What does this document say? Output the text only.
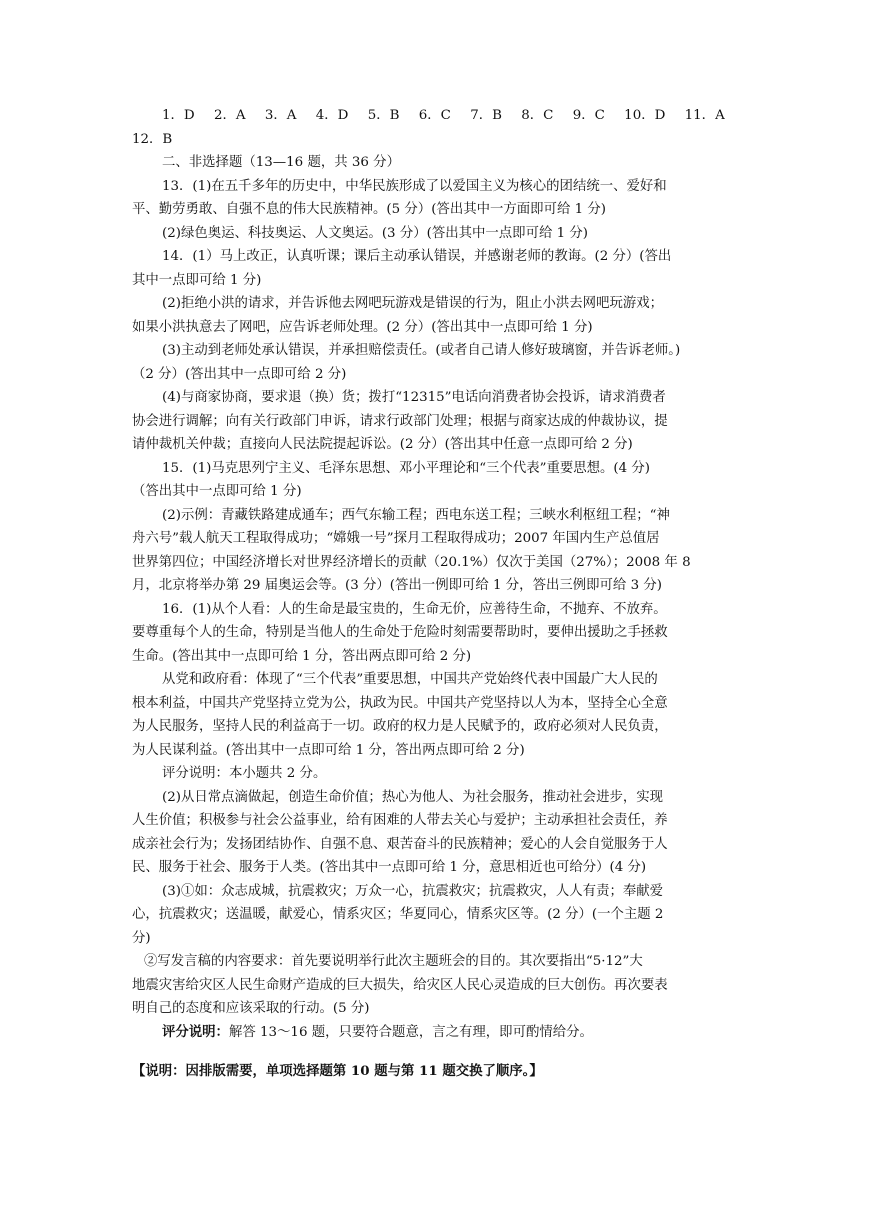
1．D	2．A	3．A	4．D	5．B	6．C	7．B	8．C	9．C	10．D	11．A
12．B
二、非选择题（13—16 题，共 36 分）
13．(1)在五千多年的历史中，中华民族形成了以爱国主义为核心的团结统一、爱好和
平、勤劳勇敢、自强不息的伟大民族精神。(5 分）(答出其中一方面即可给 1 分)
(2)绿色奥运、科技奥运、人文奥运。(3 分）(答出其中一点即可给 1 分)
14．(1）马上改正，认真听课；课后主动承认错误，并感谢老师的教诲。(2 分）(答出
其中一点即可给 1 分)
(2)拒绝小洪的请求，并告诉他去网吧玩游戏是错误的行为，阻止小洪去网吧玩游戏；
如果小洪执意去了网吧，应告诉老师处理。(2 分）(答出其中一点即可给 1 分)
(3)主动到老师处承认错误，并承担赔偿责任。(或者自己请人修好玻璃窗，并告诉老师。)
（2 分）(答出其中一点即可给 2 分)
(4)与商家协商，要求退（换）货；拨打“12315”电话向消费者协会投诉，请求消费者
协会进行调解；向有关行政部门申诉，请求行政部门处理；根据与商家达成的仲裁协议，提
请仲裁机关仲裁；直接向人民法院提起诉讼。(2 分）(答出其中任意一点即可给 2 分)
15．(1)马克思列宁主义、毛泽东思想、邓小平理论和“三个代表”重要思想。(4 分)
（答出其中一点即可给 1 分)
(2)示例：青藏铁路建成通车；西气东输工程；西电东送工程；三峡水利枢纽工程；“神
舟六号”载人航天工程取得成功；“嫦娥一号”探月工程取得成功；2007 年国内生产总值居
世界第四位；中国经济增长对世界经济增长的贡献（20.1%）仅次于美国（27%）；2008 年 8
月，北京将举办第 29 届奥运会等。(3 分）(答出一例即可给 1 分，答出三例即可给 3 分)
16．(1)从个人看：人的生命是最宝贵的，生命无价，应善待生命，不抛弃、不放弃。
要尊重每个人的生命，特别是当他人的生命处于危险时刻需要帮助时，要伸出援助之手拯救
生命。(答出其中一点即可给 1 分，答出两点即可给 2 分)
从党和政府看：体现了“三个代表”重要思想，中国共产党始终代表中国最广大人民的
根本利益，中国共产党坚持立党为公，执政为民。中国共产党坚持以人为本，坚持全心全意
为人民服务，坚持人民的利益高于一切。政府的权力是人民赋予的，政府必须对人民负责，
为人民谋利益。(答出其中一点即可给 1 分，答出两点即可给 2 分)
评分说明：本小题共 2 分。
(2)从日常点滴做起，创造生命价值；热心为他人、为社会服务，推动社会进步，实现
人生价值；积极参与社会公益事业，给有困难的人带去关心与爱护；主动承担社会责任，养
成亲社会行为；发扬团结协作、自强不息、艰苦奋斗的民族精神；爱心的人会自觉服务于人
民、服务于社会、服务于人类。(答出其中一点即可给 1 分，意思相近也可给分）(4 分)
(3)①如：众志成城，抗震救灾；万众一心，抗震救灾；抗震救灾，人人有责；奉献爱
心，抗震救灾；送温暖，献爱心，情系灾区；华夏同心，情系灾区等。(2 分）(一个主题 2
分)
②写发言稿的内容要求：首先要说明举行此次主题班会的目的。其次要指出“5·12”大
地震灾害给灾区人民生命财产造成的巨大损失，给灾区人民心灵造成的巨大创伤。再次要表
明自己的态度和应该采取的行动。(5 分)
评分说明：解答 13～16 题，只要符合题意，言之有理，即可酌情给分。
【说明：因排版需要，单项选择题第 10 题与第 11 题交换了顺序。】
